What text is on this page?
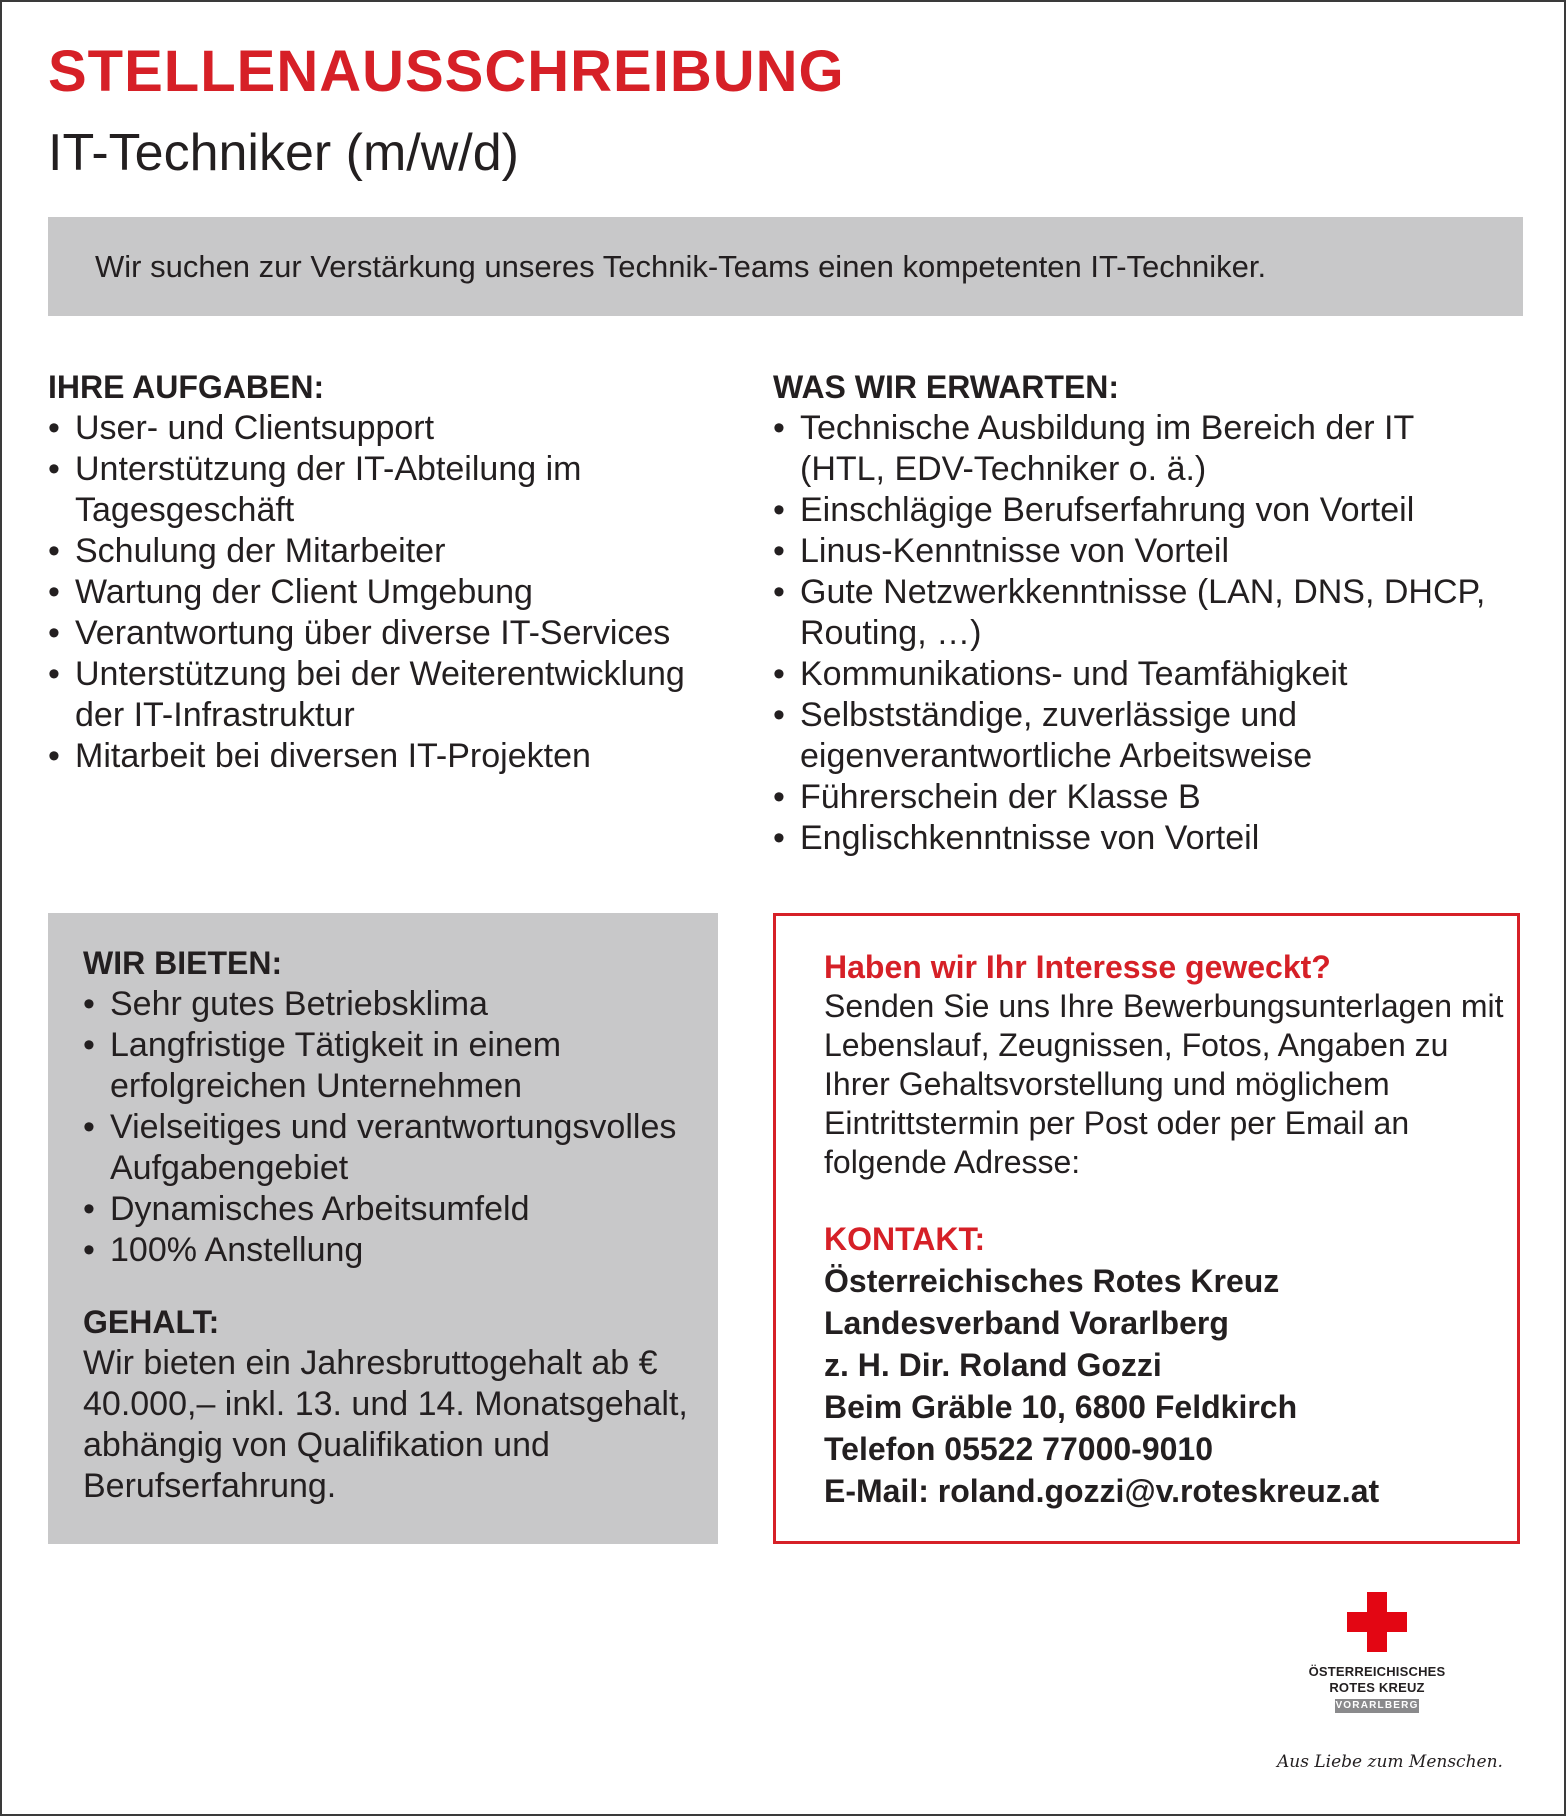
STELLENAUSSCHREIBUNG
IT-Techniker (m/w/d)
Wir suchen zur Verstärkung unseres Technik-Teams einen kompetenten IT-Techniker.
IHRE AUFGABEN:
• User- und Clientsupport
• Unterstützung der IT-Abteilung im Tagesgeschäft
• Schulung der Mitarbeiter
• Wartung der Client Umgebung
• Verantwortung über diverse IT-Services
• Unterstützung bei der Weiterentwicklung der IT-Infrastruktur
• Mitarbeit bei diversen IT-Projekten
WAS WIR ERWARTEN:
• Technische Ausbildung im Bereich der IT (HTL, EDV-Techniker o. ä.)
• Einschlägige Berufserfahrung von Vorteil
• Linus-Kenntnisse von Vorteil
• Gute Netzwerkkenntnisse (LAN, DNS, DHCP, Routing, …)
• Kommunikations- und Teamfähigkeit
• Selbstständige, zuverlässige und eigenverantwortliche Arbeitsweise
• Führerschein der Klasse B
• Englischkenntnisse von Vorteil
WIR BIETEN:
• Sehr gutes Betriebsklima
• Langfristige Tätigkeit in einem erfolgreichen Unternehmen
• Vielseitiges und verantwortungsvolles Aufgabengebiet
• Dynamisches Arbeitsumfeld
• 100% Anstellung
GEHALT:

Wir bieten ein Jahresbruttogehalt ab € 40.000,– inkl. 13. und 14. Monatsgehalt, abhängig von Qualifikation und Berufserfahrung.

Haben wir Ihr Interesse geweckt?

Senden Sie uns Ihre Bewerbungsunterlagen mit Lebenslauf, Zeugnissen, Fotos, Angaben zu Ihrer Gehaltsvorstellung und möglichem Eintrittstermin per Post oder per Email an folgende Adresse:

KONTAKT:
Österreichisches Rotes Kreuz
Landesverband Vorarlberg
z. H. Dir. Roland Gozzi
Beim Gräble 10, 6800 Feldkirch
Telefon 05522 77000-9010
E-Mail: roland.gozzi@v.roteskreuz.at
ÖSTERREICHISCHES
ROTES KREUZ
VORARLBERG
Aus Liebe zum Menschen.
